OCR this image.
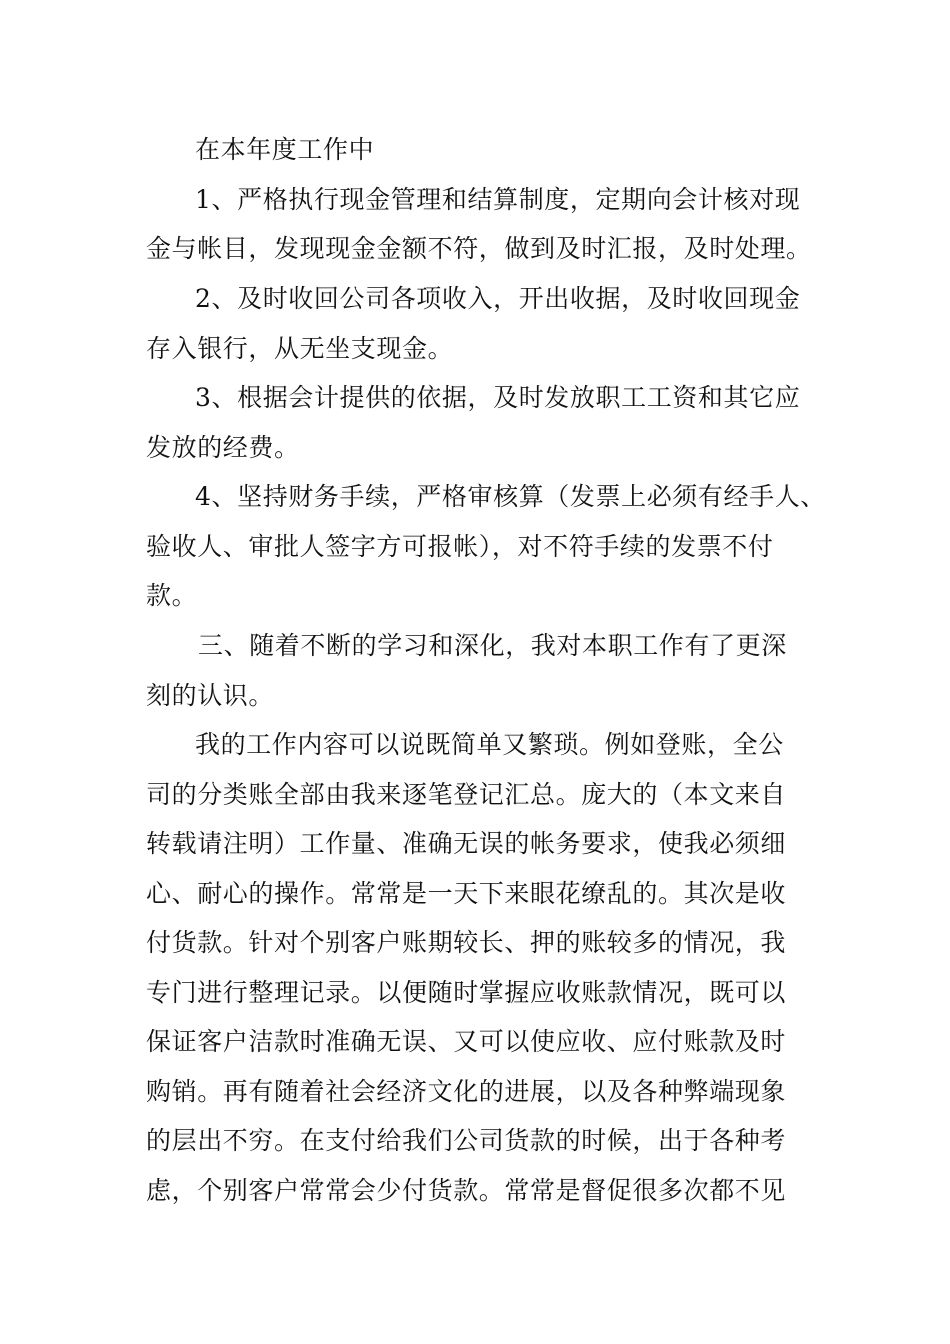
在本年度工作中
1、严格执行现金管理和结算制度，定期向会计核对现
金与帐目，发现现金金额不符，做到及时汇报，及时处理。
2、及时收回公司各项收入，开出收据，及时收回现金
存入银行，从无坐支现金。
3、根据会计提供的依据，及时发放职工工资和其它应
发放的经费。
4、坚持财务手续，严格审核算（发票上必须有经手人、
验收人、审批人签字方可报帐），对不符手续的发票不付
款。
三、随着不断的学习和深化，我对本职工作有了更深
刻的认识。
我的工作内容可以说既简单又繁琐。例如登账，全公
司的分类账全部由我来逐笔登记汇总。庞大的（本文来自
转载请注明）工作量、准确无误的帐务要求，使我必须细
心、耐心的操作。常常是一天下来眼花缭乱的。其次是收
付货款。针对个别客户账期较长、押的账较多的情况，我
专门进行整理记录。以便随时掌握应收账款情况，既可以
保证客户洁款时准确无误、又可以使应收、应付账款及时
购销。再有随着社会经济文化的进展，以及各种弊端现象
的层出不穷。在支付给我们公司货款的时候，出于各种考
虑，个别客户常常会少付货款。常常是督促很多次都不见
